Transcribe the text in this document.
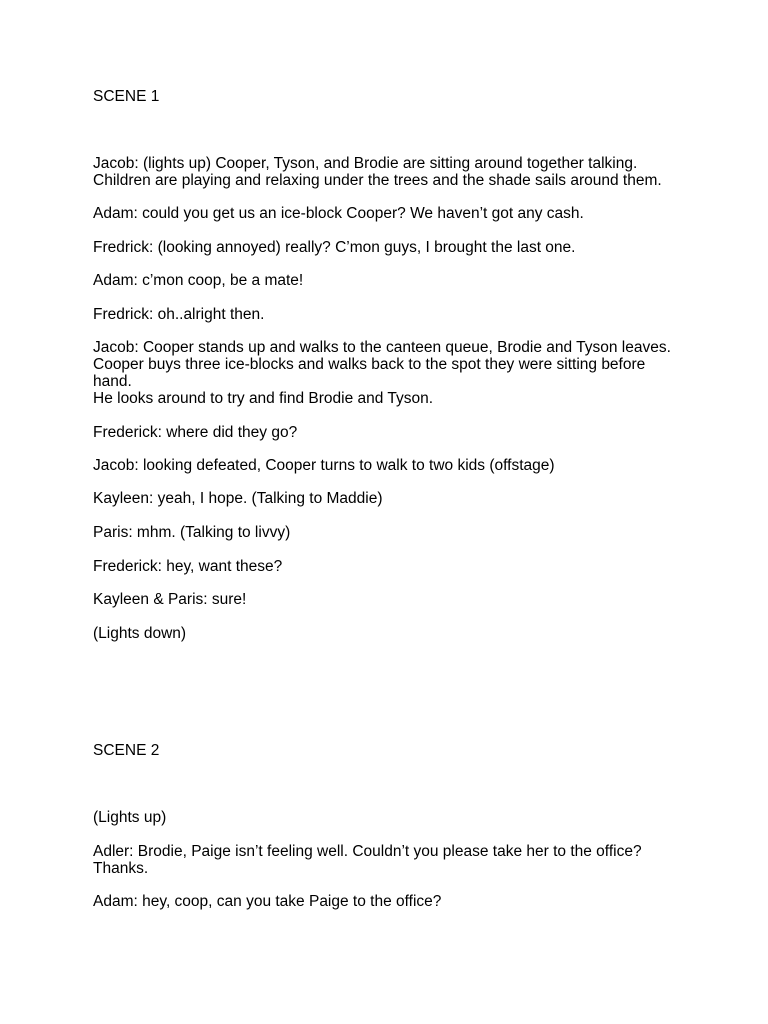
SCENE 1
Jacob: (lights up) Cooper, Tyson, and Brodie are sitting around together talking.
Children are playing and relaxing under the trees and the shade sails around them.
Adam: could you get us an ice-block Cooper? We haven’t got any cash.
Fredrick: (looking annoyed) really? C’mon guys, I brought the last one.
Adam: c’mon coop, be a mate!
Fredrick: oh..alright then.
Jacob: Cooper stands up and walks to the canteen queue, Brodie and Tyson leaves.
Cooper buys three ice-blocks and walks back to the spot they were sitting before
hand.
He looks around to try and find Brodie and Tyson.
Frederick: where did they go?
Jacob: looking defeated, Cooper turns to walk to two kids (offstage)
Kayleen: yeah, I hope. (Talking to Maddie)
Paris: mhm. (Talking to livvy)
Frederick: hey, want these?
Kayleen & Paris: sure!
(Lights down)
SCENE 2
(Lights up)
Adler: Brodie, Paige isn’t feeling well. Couldn’t you please take her to the office?
Thanks.
Adam: hey, coop, can you take Paige to the office?
